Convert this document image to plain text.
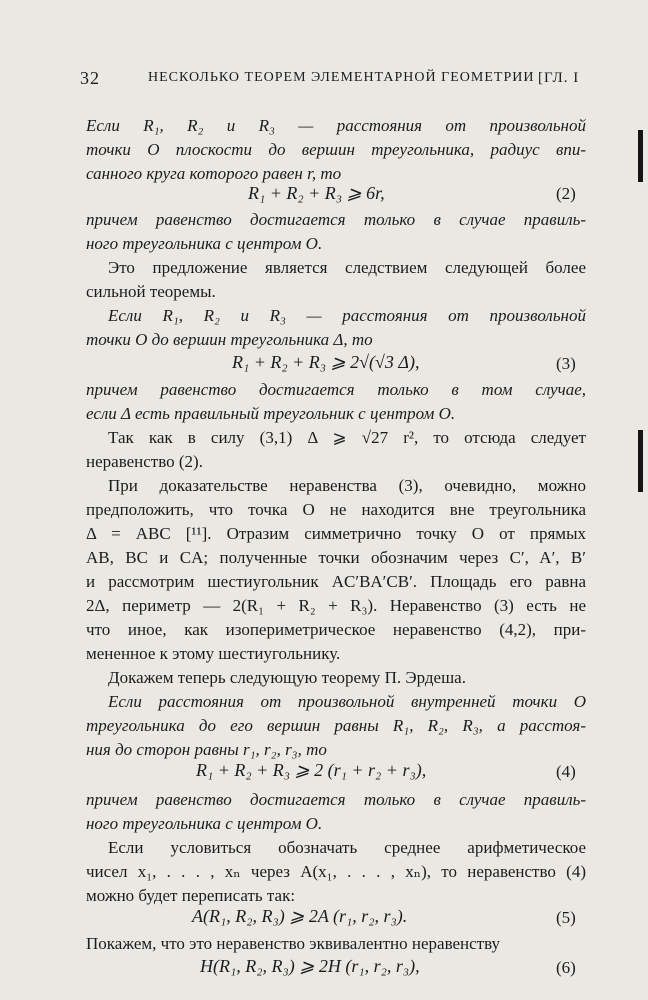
32	НЕСКОЛЬКО ТЕОРЕМ ЭЛЕМЕНТАРНОЙ ГЕОМЕТРИИ [ГЛ. I
Если R₁, R₂ и R₃ — расстояния от произвольной
точки O плоскости до вершин треугольника, радиус впи-
санного круга которого равен r, то
R₁ + R₂ + R₃ ⩾ 6r,	(2)
причем равенство достигается только в случае правиль-
ного треугольника с центром O.
Это предложение является следствием следующей более
сильной теоремы.
Если R₁, R₂ и R₃ — расстояния от произвольной
точки O до вершин треугольника Δ, то
R₁ + R₂ + R₃ ⩾ 2√(√3 Δ),	(3)
причем равенство достигается только в том случае,
если Δ есть правильный треугольник с центром O.
Так как в силу (3,1) Δ ⩾ √27 r², то отсюда следует
неравенство (2).
При доказательстве неравенства (3), очевидно, можно
предположить, что точка O не находится вне треугольника
Δ = ABC [¹¹]. Отразим симметрично точку O от прямых
AB, BC и CA; полученные точки обозначим через C′, A′, B′
и рассмотрим шестиугольник AC′BA′CB′. Площадь его равна
2Δ, периметр — 2(R₁ + R₂ + R₃). Неравенство (3) есть не
что иное, как изопериметрическое неравенство (4,2), при-
мененное к этому шестиугольнику.
Докажем теперь следующую теорему П. Эрдеша.
Если расстояния от произвольной внутренней точки O
треугольника до его вершин равны R₁, R₂, R₃, а расстоя-
ния до сторон равны r₁, r₂, r₃, то
R₁ + R₂ + R₃ ⩾ 2 (r₁ + r₂ + r₃),	(4)
причем равенство достигается только в случае правиль-
ного треугольника с центром O.
Если условиться обозначать среднее арифметическое
чисел x₁, . . . , xₙ через A(x₁, . . . , xₙ), то неравенство (4)
можно будет переписать так:
A(R₁, R₂, R₃) ⩾ 2A (r₁, r₂, r₃).	(5)
Покажем, что это неравенство эквивалентно неравенству
H(R₁, R₂, R₃) ⩾ 2H (r₁, r₂, r₃),	(6)
